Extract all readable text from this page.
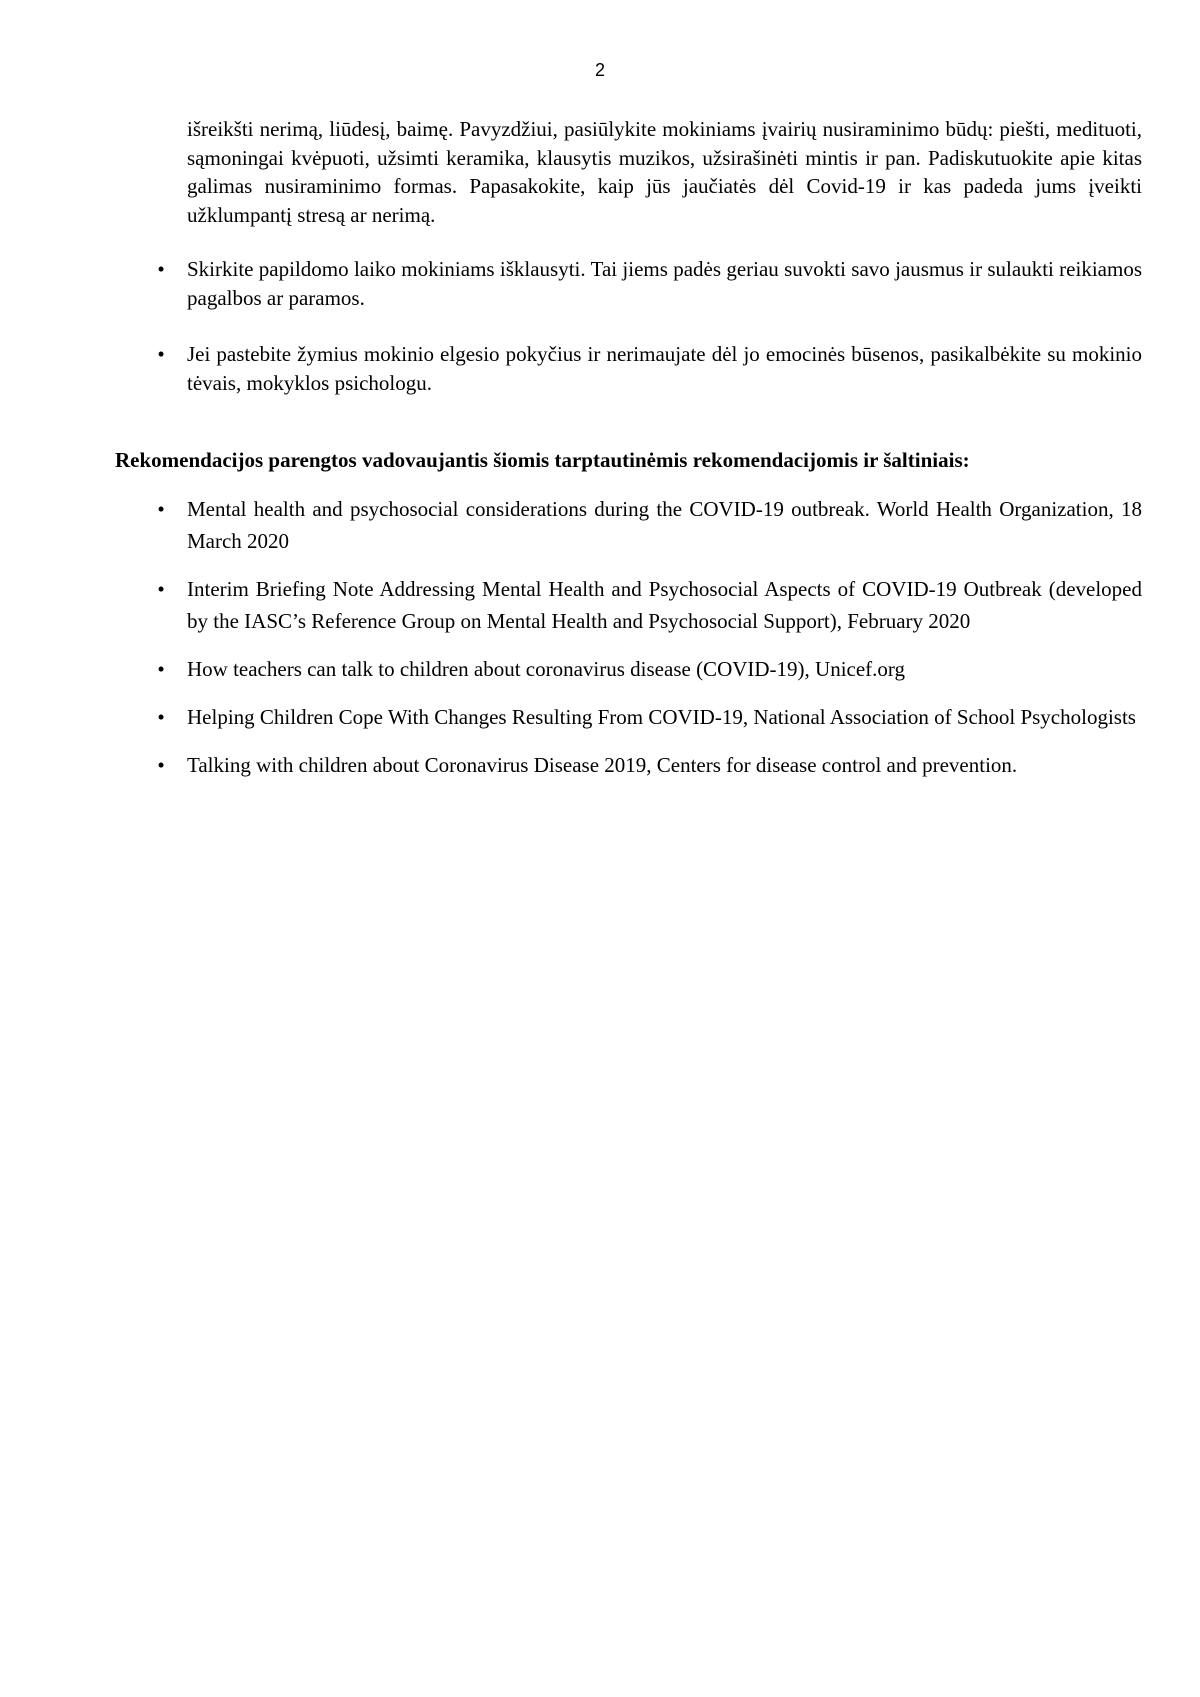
2

išreikšti nerimą, liūdesį, baimę. Pavyzdžiui, pasiūlykite mokiniams įvairių nusiraminimo būdų: piešti, medituoti, sąmoningai kvėpuoti, užsimti keramika, klausytis muzikos, užsirašinėti mintis ir pan. Padiskutuokite apie kitas galimas nusiraminimo formas. Papasakokite, kaip jūs jaučiatės dėl Covid-19 ir kas padeda jums įveikti užklumpantį stresą ar nerimą.

•	Skirkite papildomo laiko mokiniams išklausyti. Tai jiems padės geriau suvokti savo jausmus ir sulaukti reikiamos pagalbos ar paramos.
•	Jei pastebite žymius mokinio elgesio pokyčius ir nerimaujate dėl jo emocinės būsenos, pasikalbėkite su mokinio tėvais, mokyklos psichologu.

Rekomendacijos parengtos vadovaujantis šiomis tarptautinėmis rekomendacijomis ir šaltiniais:

•	Mental health and psychosocial considerations during the COVID-19 outbreak. World Health Organization, 18 March 2020
•	Interim Briefing Note Addressing Mental Health and Psychosocial Aspects of COVID-19 Outbreak (developed by the IASC’s Reference Group on Mental Health and Psychosocial Support), February 2020
•	How teachers can talk to children about coronavirus disease (COVID-19), Unicef.org
•	Helping Children Cope With Changes Resulting From COVID-19, National Association of School Psychologists
•	Talking with children about Coronavirus Disease 2019, Centers for disease control and prevention.
